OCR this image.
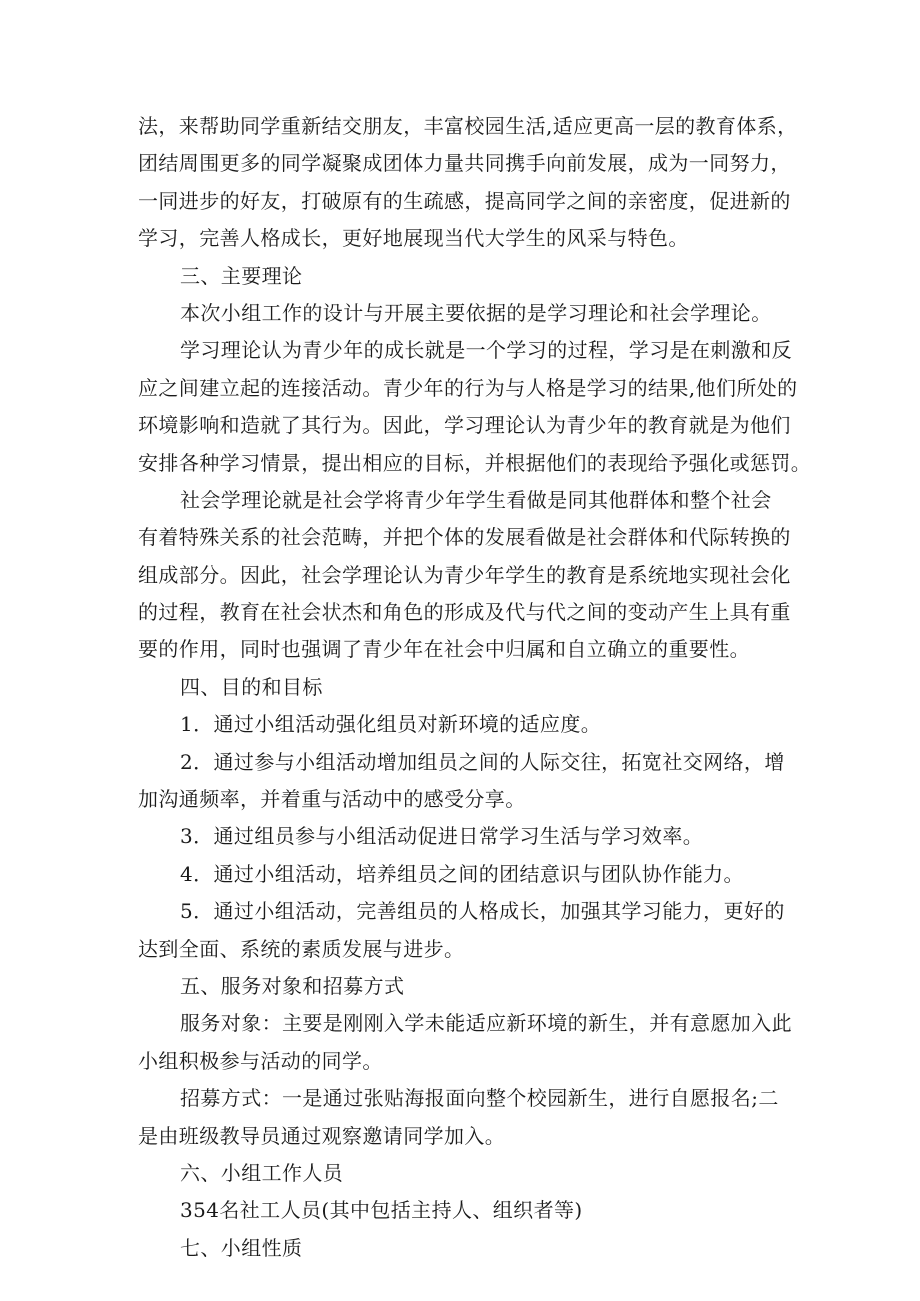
法，来帮助同学重新结交朋友，丰富校园生活,适应更高一层的教育体系，
团结周围更多的同学凝聚成团体力量共同携手向前发展，成为一同努力，
一同进步的好友，打破原有的生疏感，提高同学之间的亲密度，促进新的
学习，完善人格成长，更好地展现当代大学生的风采与特色。
三、主要理论
本次小组工作的设计与开展主要依据的是学习理论和社会学理论。
学习理论认为青少年的成长就是一个学习的过程，学习是在刺激和反
应之间建立起的连接活动。青少年的行为与人格是学习的结果,他们所处的
环境影响和造就了其行为。因此，学习理论认为青少年的教育就是为他们
安排各种学习情景，提出相应的目标，并根据他们的表现给予强化或惩罚。
社会学理论就是社会学将青少年学生看做是同其他群体和整个社会
有着特殊关系的社会范畴，并把个体的发展看做是社会群体和代际转换的
组成部分。因此，社会学理论认为青少年学生的教育是系统地实现社会化
的过程，教育在社会状杰和角色的形成及代与代之间的变动产生上具有重
要的作用，同时也强调了青少年在社会中归属和自立确立的重要性。
四、目的和目标
1．通过小组活动强化组员对新环境的适应度。
2．通过参与小组活动增加组员之间的人际交往，拓宽社交网络，增
加沟通频率，并着重与活动中的感受分享。
3．通过组员参与小组活动促进日常学习生活与学习效率。
4．通过小组活动，培养组员之间的团结意识与团队协作能力。
5．通过小组活动，完善组员的人格成长，加强其学习能力，更好的
达到全面、系统的素质发展与进步。
五、服务对象和招募方式
服务对象：主要是刚刚入学未能适应新环境的新生，并有意愿加入此
小组积极参与活动的同学。
招募方式：一是通过张贴海报面向整个校园新生，进行自愿报名;二
是由班级教导员通过观察邀请同学加入。
六、小组工作人员
354名社工人员(其中包括主持人、组织者等)
七、小组性质
